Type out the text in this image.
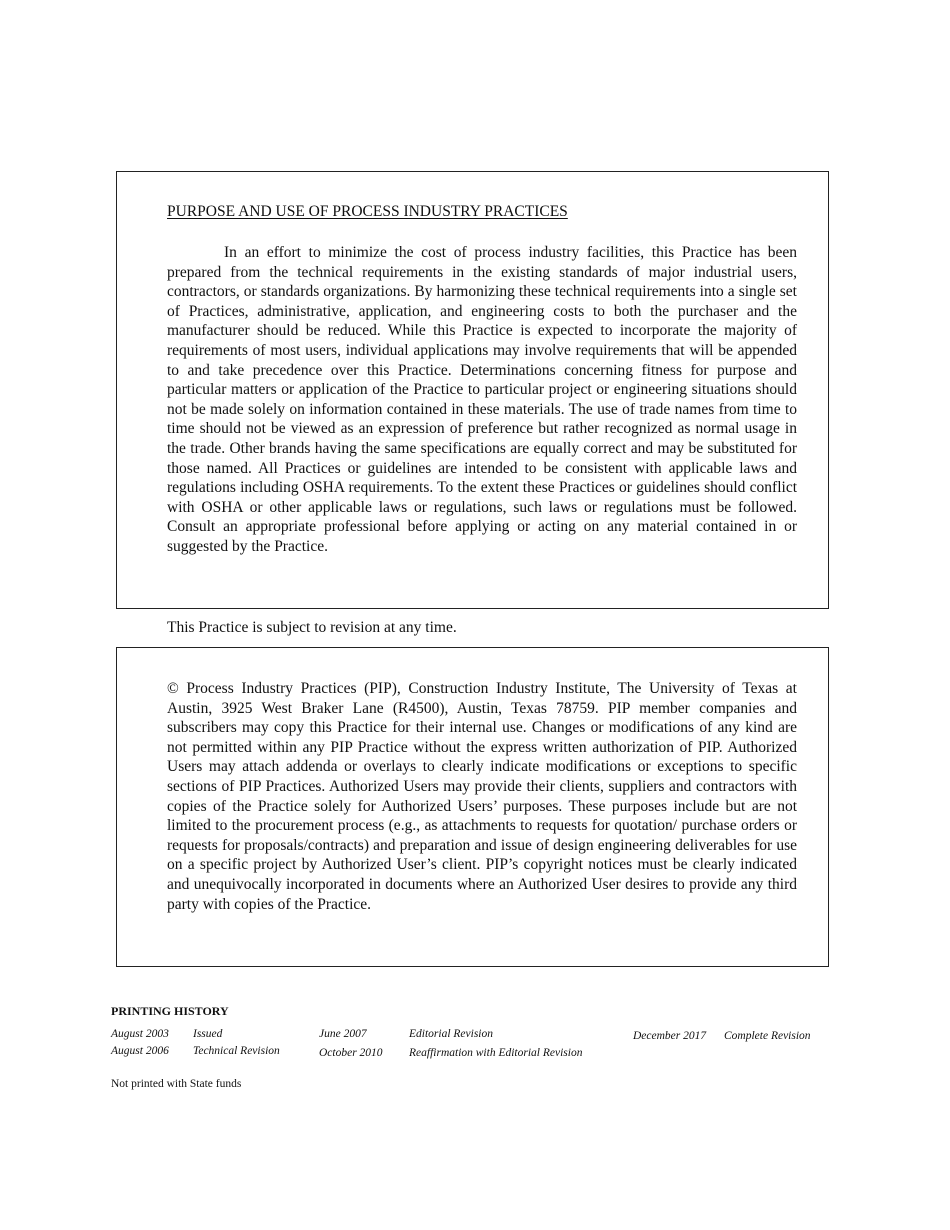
PURPOSE AND USE OF PROCESS INDUSTRY PRACTICES
In an effort to minimize the cost of process industry facilities, this Practice has been prepared from the technical requirements in the existing standards of major industrial users, contractors, or standards organizations. By harmonizing these technical requirements into a single set of Practices, administrative, application, and engineering costs to both the purchaser and the manufacturer should be reduced. While this Practice is expected to incorporate the majority of requirements of most users, individual applications may involve requirements that will be appended to and take precedence over this Practice. Determinations concerning fitness for purpose and particular matters or application of the Practice to particular project or engineering situations should not be made solely on information contained in these materials. The use of trade names from time to time should not be viewed as an expression of preference but rather recognized as normal usage in the trade. Other brands having the same specifications are equally correct and may be substituted for those named. All Practices or guidelines are intended to be consistent with applicable laws and regulations including OSHA requirements. To the extent these Practices or guidelines should conflict with OSHA or other applicable laws or regulations, such laws or regulations must be followed. Consult an appropriate professional before applying or acting on any material contained in or suggested by the Practice.
This Practice is subject to revision at any time.
© Process Industry Practices (PIP), Construction Industry Institute, The University of Texas at Austin, 3925 West Braker Lane (R4500), Austin, Texas 78759. PIP member companies and subscribers may copy this Practice for their internal use. Changes or modifications of any kind are not permitted within any PIP Practice without the express written authorization of PIP. Authorized Users may attach addenda or overlays to clearly indicate modifications or exceptions to specific sections of PIP Practices. Authorized Users may provide their clients, suppliers and contractors with copies of the Practice solely for Authorized Users’ purposes. These purposes include but are not limited to the procurement process (e.g., as attachments to requests for quotation/ purchase orders or requests for proposals/contracts) and preparation and issue of design engineering deliverables for use on a specific project by Authorized User’s client. PIP’s copyright notices must be clearly indicated and unequivocally incorporated in documents where an Authorized User desires to provide any third party with copies of the Practice.
PRINTING HISTORY
August 2003 Issued
August 2006 Technical Revision
June 2007	Editorial Revision
October 2010 Reaffirmation with Editorial Revision
December 2017 Complete Revision
Not printed with State funds
